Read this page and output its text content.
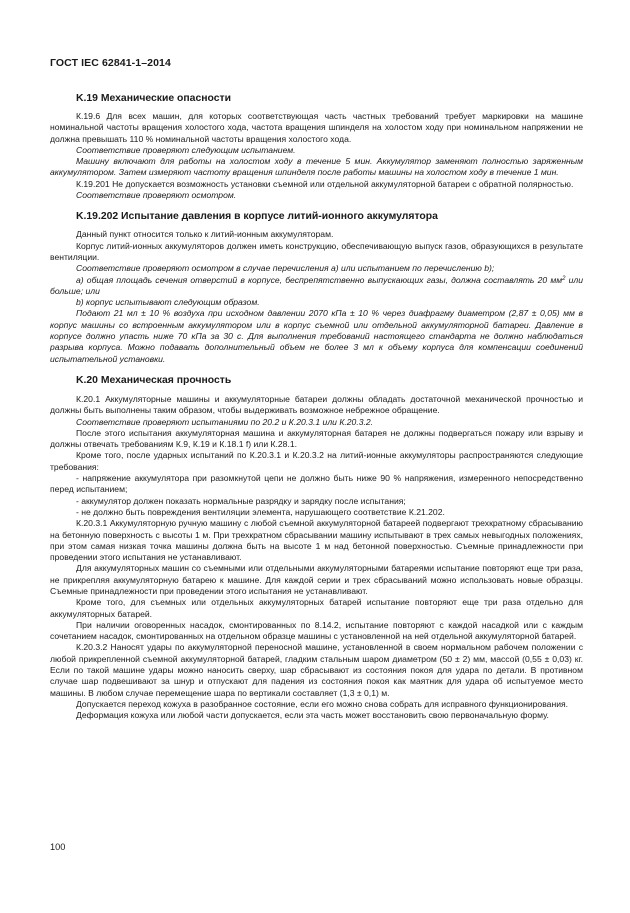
ГОСТ IEC 62841-1–2014
K.19 Механические опасности

К.19.6 Для всех машин, для которых соответствующая часть частных требований требует маркировки на машине номинальной частоты вращения холостого хода, частота вращения шпинделя на холостом ходу при номинальном напряжении не должна превышать 110 % номинальной частоты вращения холостого хода.

Соответствие проверяют следующим испытанием.

Машину включают для работы на холостом ходу в течение 5 мин. Аккумулятор заменяют полностью заряженным аккумулятором. Затем измеряют частоту вращения шпинделя после работы машины на холостом ходу в течение 1 мин.

К.19.201 Не допускается возможность установки съемной или отдельной аккумуляторной батареи с обратной полярностью.

Соответствие проверяют осмотром.

K.19.202 Испытание давления в корпусе литий-ионного аккумулятора

Данный пункт относится только к литий-ионным аккумуляторам.

Корпус литий-ионных аккумуляторов должен иметь конструкцию, обеспечивающую выпуск газов, образующихся в результате вентиляции.

Соответствие проверяют осмотром в случае перечисления а) или испытанием по перечислению b);

а) общая площадь сечения отверстий в корпусе, беспрепятственно выпускающих газы, должна составлять 20 $мм^2$ или больше; или

b) корпус испытывают следующим образом.

Подают 21 мл ± 10 % воздуха при исходном давлении 2070 кПа ± 10 % через диафрагму диаметром (2,87 ± 0,05) мм в корпус машины со встроенным аккумулятором или в корпус съемной или отдельной аккумуляторной батареи. Давление в корпусе должно упасть ниже 70 кПа за 30 с. Для выполнения требований настоящего стандарта не должно наблюдаться разрыва корпуса. Можно подавать дополнительный объем не более 3 мл к объему корпуса для компенсации соединений испытательной установки.

K.20 Механическая прочность

К.20.1 Аккумуляторные машины и аккумуляторные батареи должны обладать достаточной механической прочностью и должны быть выполнены таким образом, чтобы выдерживать возможное небрежное обращение.

Соответствие проверяют испытаниями по 20.2 и К.20.3.1 или К.20.3.2.

После этого испытания аккумуляторная машина и аккумуляторная батарея не должны подвергаться пожару или взрыву и должны отвечать требованиям К.9, К.19 и К.18.1 f) или К.28.1.

Кроме того, после ударных испытаний по К.20.3.1 и К.20.3.2 на литий-ионные аккумуляторы распространяются следующие требования:

- напряжение аккумулятора при разомкнутой цепи не должно быть ниже 90 % напряжения, измеренного непосредственно перед испытанием;

- аккумулятор должен показать нормальные разрядку и зарядку после испытания;

- не должно быть повреждения вентиляции элемента, нарушающего соответствие К.21.202.

К.20.3.1 Аккумуляторную ручную машину с любой съемной аккумуляторной батареей подвергают трехкратному сбрасыванию на бетонную поверхность с высоты 1 м. При трехкратном сбрасывании машину испытывают в трех самых невыгодных положениях, при этом самая низкая точка машины должна быть на высоте 1 м над бетонной поверхностью. Съемные принадлежности при проведении этого испытания не устанавливают.

Для аккумуляторных машин со съемными или отдельными аккумуляторными батареями испытание повторяют еще три раза, не прикрепляя аккумуляторную батарею к машине. Для каждой серии и трех сбрасываний можно использовать новые образцы. Съемные принадлежности при проведении этого испытания не устанавливают.

Кроме того, для съемных или отдельных аккумуляторных батарей испытание повторяют еще три раза отдельно для аккумуляторных батарей.

При наличии оговоренных насадок, смонтированных по 8.14.2, испытание повторяют с каждой насадкой или с каждым сочетанием насадок, смонтированных на отдельном образце машины с установленной на ней отдельной аккумуляторной батарей.

К.20.3.2 Наносят удары по аккумуляторной переносной машине, установленной в своем нормальном рабочем положении с любой прикрепленной съемной аккумуляторной батарей, гладким стальным шаром диаметром (50 ± 2) мм, массой (0,55 ± 0,03) кг. Если по такой машине удары можно наносить сверху, шар сбрасывают из состояния покоя для удара по детали. В противном случае шар подвешивают за шнур и отпускают для падения из состояния покоя как маятник для удара об испытуемое место машины. В любом случае перемещение шара по вертикали составляет (1,3 ± 0,1) м.

Допускается переход кожуха в разобранное состояние, если его можно снова собрать для исправного функционирования.

Деформация кожуха или любой части допускается, если эта часть может восстановить свою первоначальную форму.

100
